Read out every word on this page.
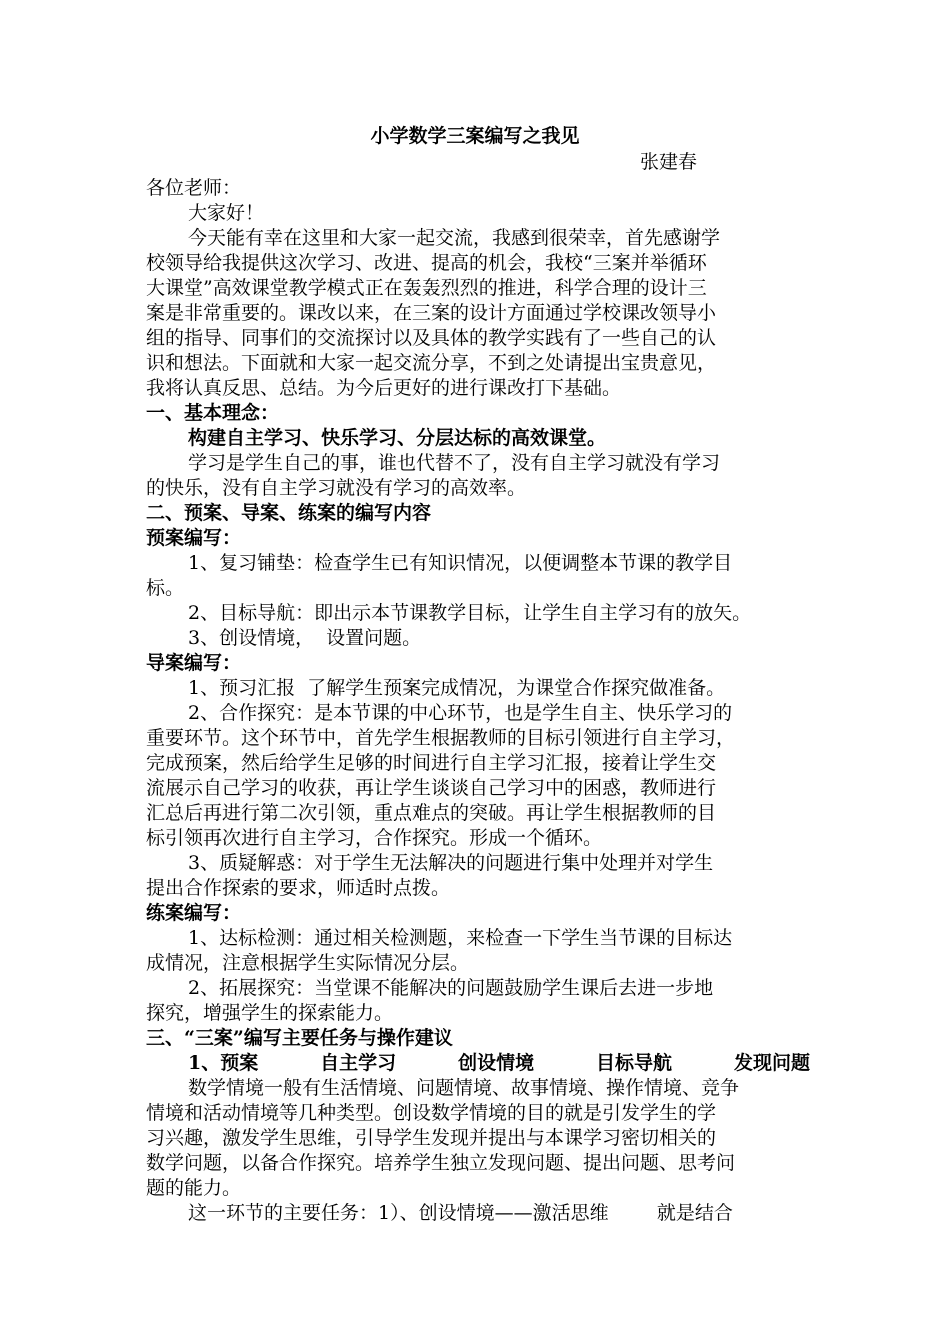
小学数学三案编写之我见
张建春
各位老师：
大家好！
今天能有幸在这里和大家一起交流，我感到很荣幸，首先感谢学
校领导给我提供这次学习、改进、提高的机会，我校“三案并举循环
大课堂”高效课堂教学模式正在轰轰烈烈的推进，科学合理的设计三
案是非常重要的。课改以来，在三案的设计方面通过学校课改领导小
组的指导、同事们的交流探讨以及具体的教学实践有了一些自己的认
识和想法。下面就和大家一起交流分享，不到之处请提出宝贵意见，
我将认真反思、总结。为今后更好的进行课改打下基础。
一、基本理念：
构建自主学习、快乐学习、分层达标的高效课堂。
学习是学生自己的事，谁也代替不了，没有自主学习就没有学习
的快乐，没有自主学习就没有学习的高效率。
二、预案、导案、练案的编写内容
预案编写：
1、复习铺垫：检查学生已有知识情况，以便调整本节课的教学目
标。
2、目标导航：即出示本节课教学目标，让学生自主学习有的放矢。
3、创设情境，  设置问题。
导案编写：
1、预习汇报  了解学生预案完成情况，为课堂合作探究做准备。
2、合作探究：是本节课的中心环节，也是学生自主、快乐学习的
重要环节。这个环节中，首先学生根据教师的目标引领进行自主学习，
完成预案，然后给学生足够的时间进行自主学习汇报，接着让学生交
流展示自己学习的收获，再让学生谈谈自己学习中的困惑，教师进行
汇总后再进行第二次引领，重点难点的突破。再让学生根据教师的目
标引领再次进行自主学习，合作探究。形成一个循环。
3、质疑解惑：对于学生无法解决的问题进行集中处理并对学生
提出合作探索的要求，师适时点拨。
练案编写：
1、达标检测：通过相关检测题，来检查一下学生当节课的目标达
成情况，注意根据学生实际情况分层。
2、拓展探究：当堂课不能解决的问题鼓励学生课后去进一步地
探究，增强学生的探索能力。
三、“三案”编写主要任务与操作建议
1、预案	自主学习	创设情境	目标导航	发现问题
数学情境一般有生活情境、问题情境、故事情境、操作情境、竞争
情境和活动情境等几种类型。创设数学情境的目的就是引发学生的学
习兴趣，激发学生思维，引导学生发现并提出与本课学习密切相关的
数学问题，以备合作探究。培养学生独立发现问题、提出问题、思考问
题的能力。
这一环节的主要任务：1）、创设情境——激活思维        就是结合
